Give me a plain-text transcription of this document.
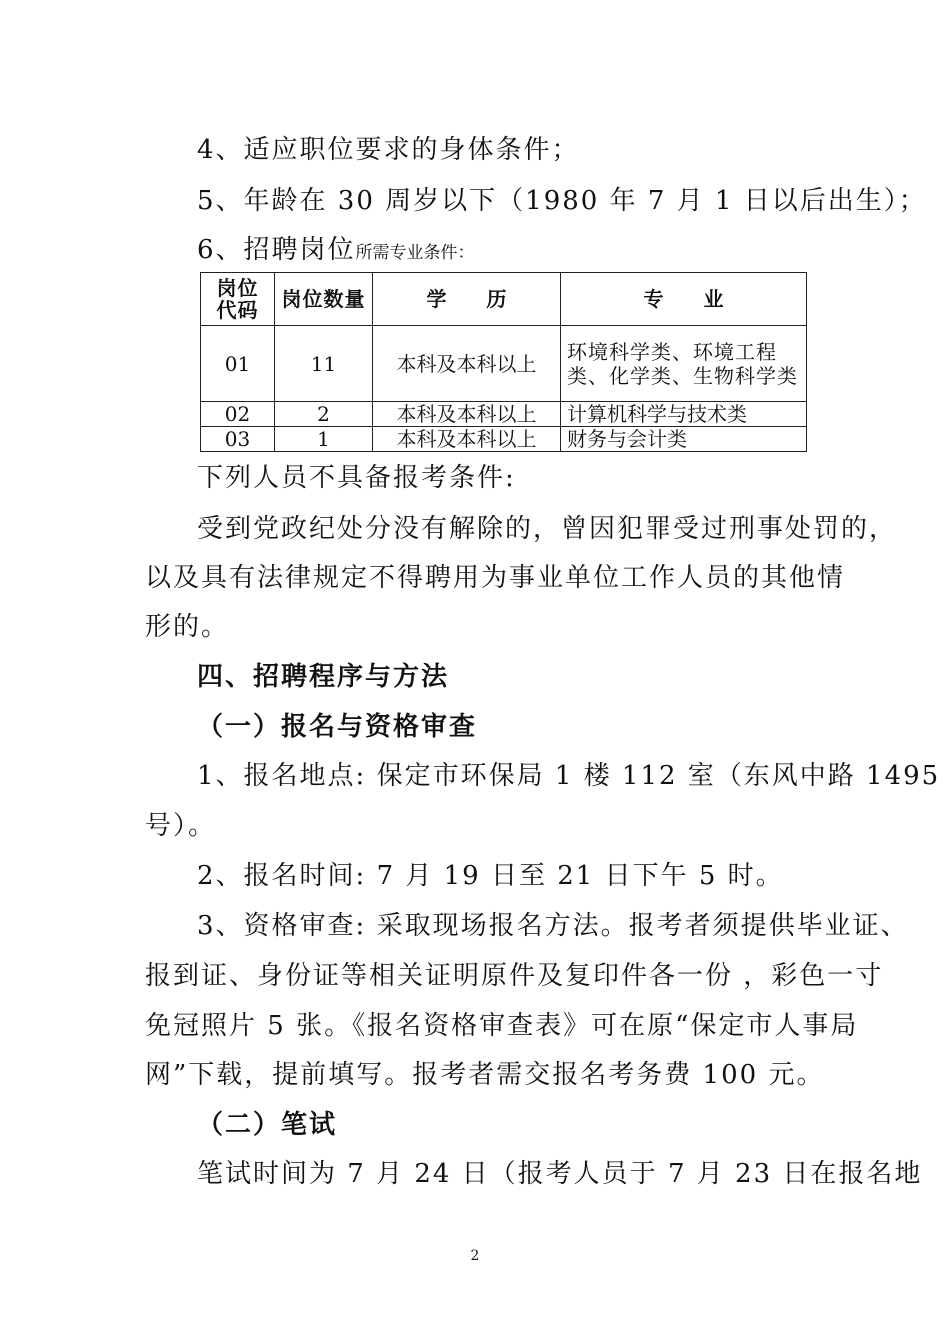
4、适应职位要求的身体条件；
5、年龄在 30 周岁以下（1980 年 7 月 1 日以后出生）；
6、招聘岗位所需专业条件：
岗位代码	岗位数量	学　　历	专　　业
01	11	本科及本科以上	环境科学类、环境工程类、化学类、生物科学类
02	2	本科及本科以上	计算机科学与技术类
03	1	本科及本科以上	财务与会计类
下列人员不具备报考条件:
受到党政纪处分没有解除的，曾因犯罪受过刑事处罚的，
以及具有法律规定不得聘用为事业单位工作人员的其他情
形的。
四、招聘程序与方法
（一）报名与资格审查
1、报名地点: 保定市环保局 1 楼 112 室（东风中路 1495
号）。
2、报名时间: 7 月 19 日至 21 日下午 5 时。
3、资格审查: 采取现场报名方法。报考者须提供毕业证、
报到证、身份证等相关证明原件及复印件各一份 ，彩色一寸
免冠照片 5 张。《报名资格审查表》可在原“保定市人事局
网”下载，提前填写。报考者需交报名考务费 100 元。
（二）笔试
笔试时间为 7 月 24 日（报考人员于 7 月 23 日在报名地
2
